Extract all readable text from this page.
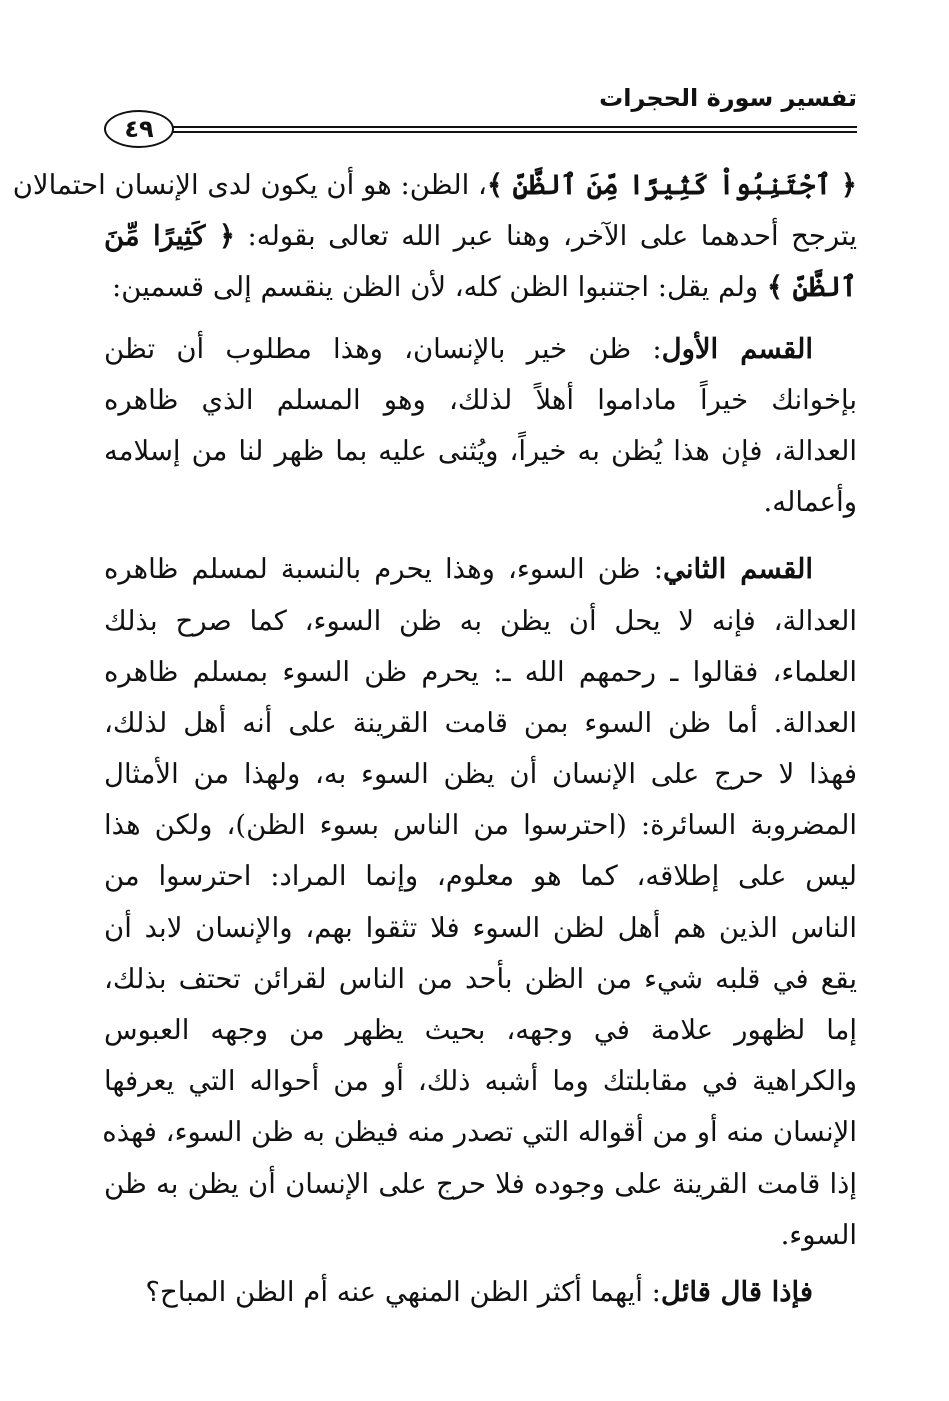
تفسير سورة الحجرات
٤٩
﴿ ٱجْتَنِبُواْ كَثِيرًا مِّنَ ٱلظَّنِّ ﴾، الظن: هو أن يكون لدى الإنسان احتمالان
يترجح أحدهما على الآخر، وهنا عبر الله تعالى بقوله: ﴿ كَثِيرًا مِّنَ
ٱلظَّنِّ ﴾ ولم يقل: اجتنبوا الظن كله، لأن الظن ينقسم إلى قسمين:
القسم الأول: ظن خير بالإنسان، وهذا مطلوب أن تظن
بإخوانك خيراً ماداموا أهلاً لذلك، وهو المسلم الذي ظاهره
العدالة، فإن هذا يُظن به خيراً، ويُثنى عليه بما ظهر لنا من إسلامه
وأعماله.
القسم الثاني: ظن السوء، وهذا يحرم بالنسبة لمسلم ظاهره
العدالة، فإنه لا يحل أن يظن به ظن السوء، كما صرح بذلك
العلماء، فقالوا ـ رحمهم الله ـ: يحرم ظن السوء بمسلم ظاهره
العدالة. أما ظن السوء بمن قامت القرينة على أنه أهل لذلك،
فهذا لا حرج على الإنسان أن يظن السوء به، ولهذا من الأمثال
المضروبة السائرة: (احترسوا من الناس بسوء الظن)، ولكن هذا
ليس على إطلاقه، كما هو معلوم، وإنما المراد: احترسوا من
الناس الذين هم أهل لظن السوء فلا تثقوا بهم، والإنسان لابد أن
يقع في قلبه شيء من الظن بأحد من الناس لقرائن تحتف بذلك،
إما لظهور علامة في وجهه، بحيث يظهر من وجهه العبوس
والكراهية في مقابلتك وما أشبه ذلك، أو من أحواله التي يعرفها
الإنسان منه أو من أقواله التي تصدر منه فيظن به ظن السوء، فهذه
إذا قامت القرينة على وجوده فلا حرج على الإنسان أن يظن به ظن
السوء.
فإذا قال قائل: أيهما أكثر الظن المنهي عنه أم الظن المباح؟
